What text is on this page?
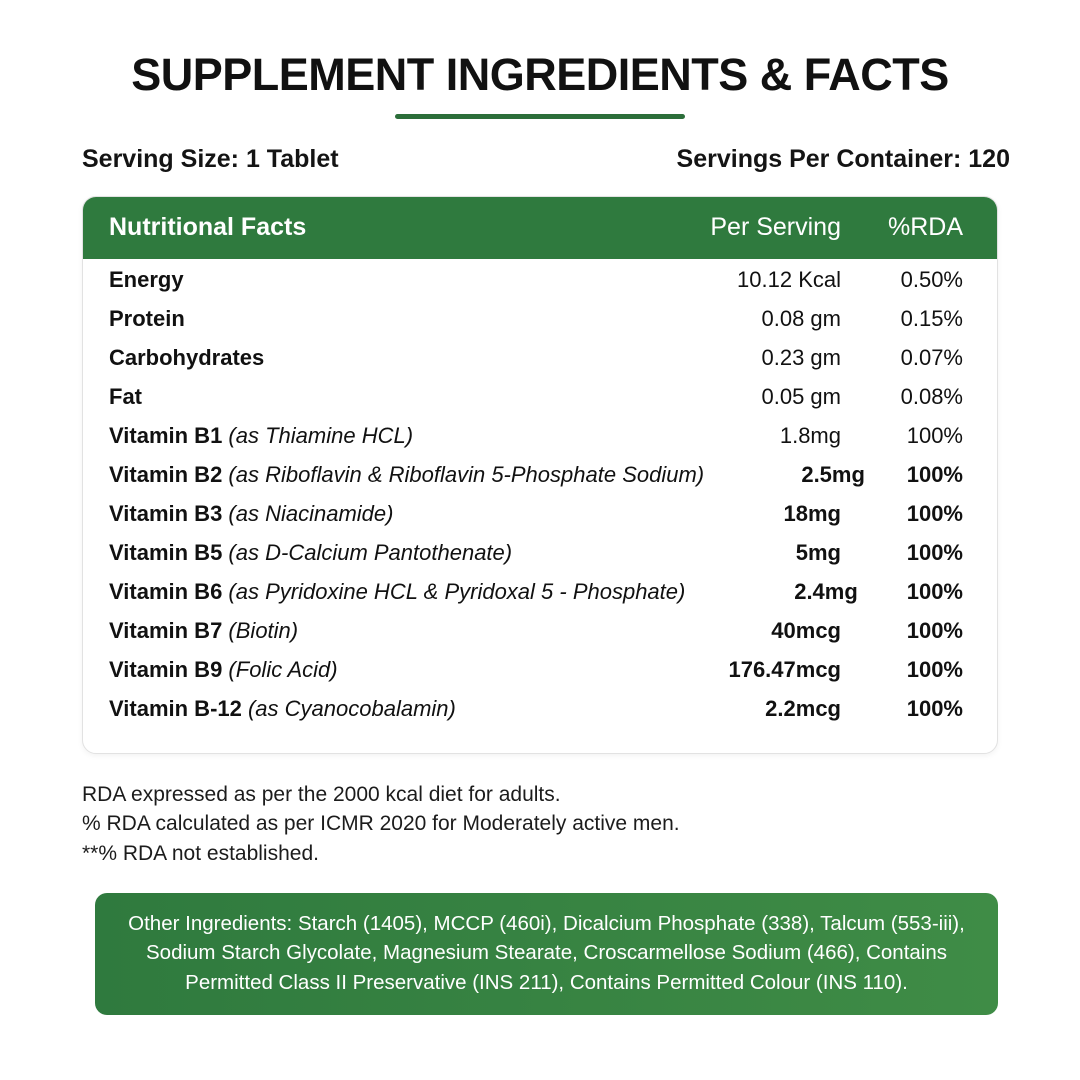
SUPPLEMENT INGREDIENTS & FACTS
Serving Size: 1 Tablet	Servings Per Container: 120
Nutritional Facts	Per Serving	%RDA
Energy	10.12 Kcal	0.50%
Protein	0.08 gm	0.15%
Carbohydrates	0.23 gm	0.07%
Fat	0.05 gm	0.08%
Vitamin B1 (as Thiamine HCL)	1.8mg	100%
Vitamin B2 (as Riboflavin & Riboflavin 5-Phosphate Sodium)	2.5mg	100%
Vitamin B3 (as Niacinamide)	18mg	100%
Vitamin B5 (as D-Calcium Pantothenate)	5mg	100%
Vitamin B6 (as Pyridoxine HCL & Pyridoxal 5 - Phosphate)	2.4mg	100%
Vitamin B7 (Biotin)	40mcg	100%
Vitamin B9 (Folic Acid)	176.47mcg	100%
Vitamin B-12 (as Cyanocobalamin)	2.2mcg	100%
RDA expressed as per the 2000 kcal diet for adults.
% RDA calculated as per ICMR 2020 for Moderately active men.
**% RDA not established.
Other Ingredients: Starch (1405), MCCP (460i), Dicalcium Phosphate (338), Talcum (553-iii), Sodium Starch Glycolate, Magnesium Stearate, Croscarmellose Sodium (466), Contains Permitted Class II Preservative (INS 211), Contains Permitted Colour (INS 110).
